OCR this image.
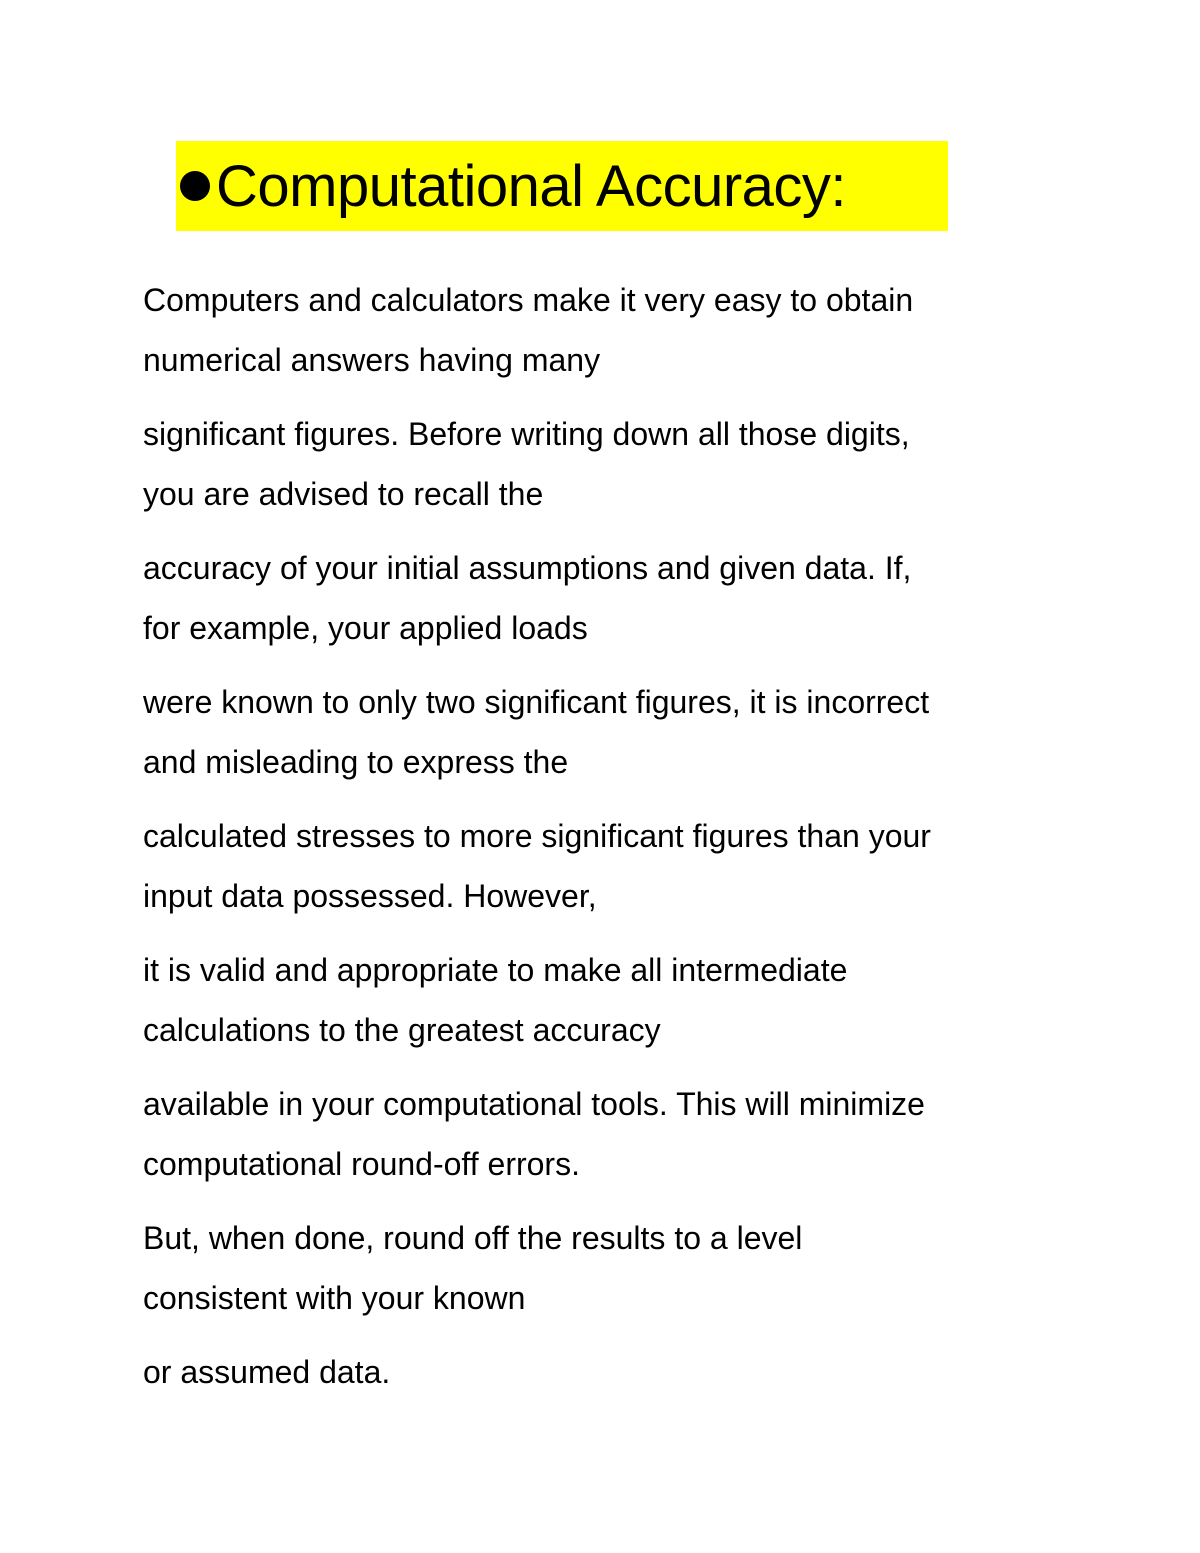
Computational Accuracy:

Computers and calculators make it very easy to obtain
numerical answers having many

significant figures. Before writing down all those digits,
you are advised to recall the

accuracy of your initial assumptions and given data. If,
for example, your applied loads

were known to only two significant figures, it is incorrect
and misleading to express the

calculated stresses to more significant figures than your
input data possessed. However,

it is valid and appropriate to make all intermediate
calculations to the greatest accuracy

available in your computational tools. This will minimize
computational round-off errors.

But, when done, round off the results to a level
consistent with your known

or assumed data.
